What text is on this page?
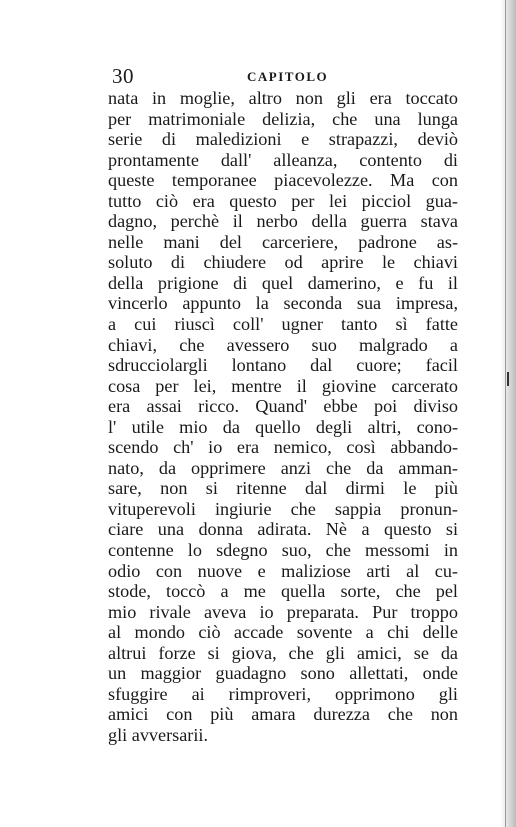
30	CAPITOLO
nata in moglie, altro non gli era toccato
per matrimoniale delizia, che una lunga
serie di maledizioni e strapazzi, deviò
prontamente dall' alleanza, contento di
queste temporanee piacevolezze. Ma con
tutto ciò era questo per lei picciol gua-
dagno, perchè il nerbo della guerra stava
nelle mani del carceriere, padrone as-
soluto di chiudere od aprire le chiavi
della prigione di quel damerino, e fu il
vincerlo appunto la seconda sua impresa,
a cui riuscì coll' ugner tanto sì fatte
chiavi, che avessero suo malgrado a
sdrucciolargli lontano dal cuore; facil
cosa per lei, mentre il giovine carcerato
era assai ricco. Quand' ebbe poi diviso
l' utile mio da quello degli altri, cono-
scendo ch' io era nemico, così abbando-
nato, da opprimere anzi che da amman-
sare, non si ritenne dal dirmi le più
vituperevoli ingiurie che sappia pronun-
ciare una donna adirata. Nè a questo si
contenne lo sdegno suo, che messomi in
odio con nuove e maliziose arti al cu-
stode, toccò a me quella sorte, che pel
mio rivale aveva io preparata. Pur troppo
al mondo ciò accade sovente a chi delle
altrui forze si giova, che gli amici, se da
un maggior guadagno sono allettati, onde
sfuggire ai rimproveri, opprimono gli
amici con più amara durezza che non
gli avversarii.
